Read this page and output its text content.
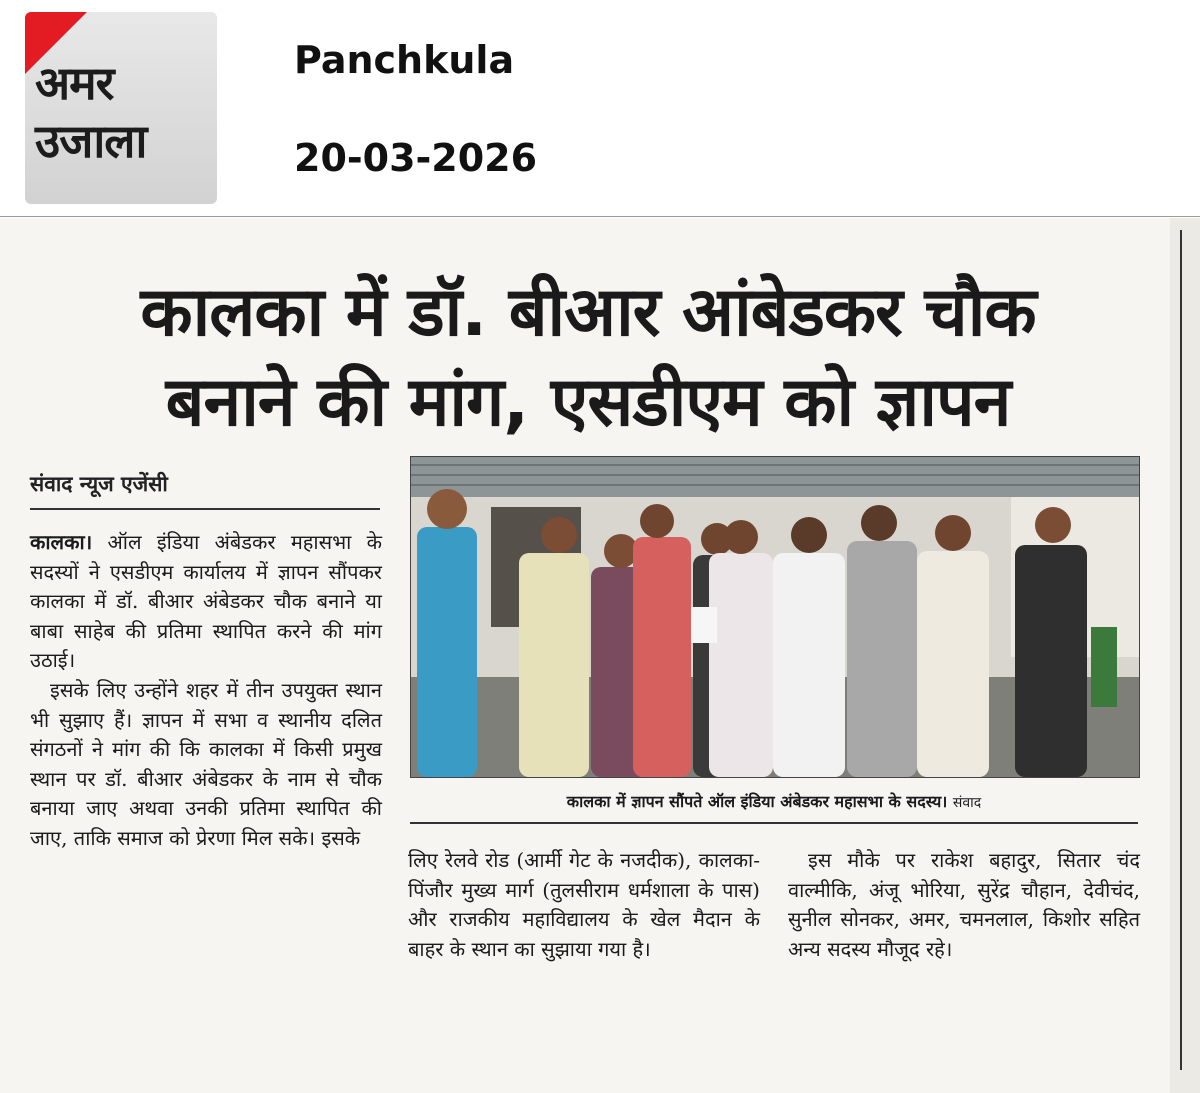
अमर
उजाला
Panchkula
20-03-2026
कालका में डॉ. बीआर आंबेडकर चौक
बनाने की मांग, एसडीएम को ज्ञापन
संवाद न्यूज एजेंसी
कालका। ऑल इंडिया अंबेडकर महासभा के सदस्यों ने एसडीएम कार्यालय में ज्ञापन सौंपकर कालका में डॉ. बीआर अंबेडकर चौक बनाने या बाबा साहेब की प्रतिमा स्थापित करने की मांग उठाई।
इसके लिए उन्होंने शहर में तीन उपयुक्त स्थान भी सुझाए हैं। ज्ञापन में सभा व स्थानीय दलित संगठनों ने मांग की कि कालका में किसी प्रमुख स्थान पर डॉ. बीआर अंबेडकर के नाम से चौक बनाया जाए अथवा उनकी प्रतिमा स्थापित की जाए, ताकि समाज को प्रेरणा मिल सके। इसके
कालका में ज्ञापन सौंपते ऑल इंडिया अंबेडकर महासभा के सदस्य। संवाद
लिए रेलवे रोड (आर्मी गेट के नजदीक), कालका-पिंजौर मुख्य मार्ग (तुलसीराम धर्मशाला के पास) और राजकीय महाविद्यालय के खेल मैदान के बाहर के स्थान का सुझाया गया है।
इस मौके पर राकेश बहादुर, सितार चंद वाल्मीकि, अंजू भोरिया, सुरेंद्र चौहान, देवीचंद, सुनील सोनकर, अमर, चमनलाल, किशोर सहित अन्य सदस्य मौजूद रहे।
